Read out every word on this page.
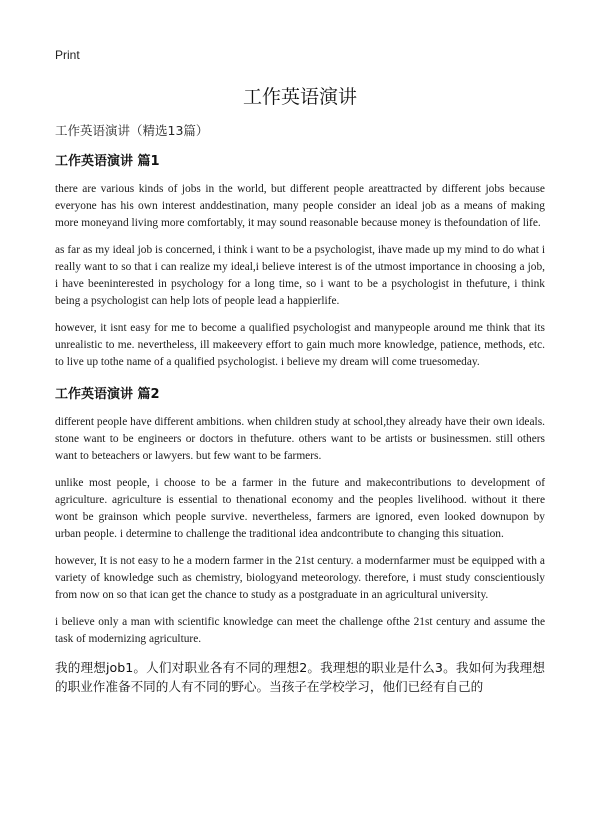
Print
工作英语演讲
工作英语演讲（精选13篇）
工作英语演讲 篇1

there are various kinds of jobs in the world, but different people areattracted by different jobs because everyone has his own interest anddestination, many people consider an ideal job as a means of making more moneyand living more comfortably, it may sound reasonable because money is thefoundation of life.

as far as my ideal job is concerned, i think i want to be a psychologist, ihave made up my mind to do what i really want to so that i can realize my ideal,i believe interest is of the utmost importance in choosing a job, i have beeninterested in psychology for a long time, so i want to be a psychologist in thefuture, i think being a psychologist can help lots of people lead a happierlife.

however, it isnt easy for me to become a qualified psychologist and manypeople around me think that its unrealistic to me. nevertheless, ill makeevery effort to gain much more knowledge, patience, methods, etc. to live up tothe name of a qualified psychologist. i believe my dream will come truesomeday.

工作英语演讲 篇2

different people have different ambitions. when children study at school,they already have their own ideals. stone want to be engineers or doctors in thefuture. others want to be artists or businessmen. still others want to beteachers or lawyers. but few want to be farmers.

unlike most people, i choose to be a farmer in the future and makecontributions to development of agriculture. agriculture is essential to thenational economy and the peoples livelihood. without it there wont be grainson which people survive. nevertheless, farmers are ignored, even looked downupon by urban people. i determine to challenge the traditional idea andcontribute to changing this situation.

however, It is not easy to he a modern farmer in the 21st century. a modernfarmer must be equipped with a variety of knowledge such as chemistry, biologyand meteorology. therefore, i must study conscientiously from now on so that ican get the chance to study as a postgraduate in an agricultural university.

i believe only a man with scientific knowledge can meet the challenge ofthe 21st century and assume the task of modernizing agriculture.

我的理想job1。人们对职业各有不同的理想2。我理想的职业是什么3。我如何为我理想的职业作准备不同的人有不同的野心。当孩子在学校学习，他们已经有自己的
